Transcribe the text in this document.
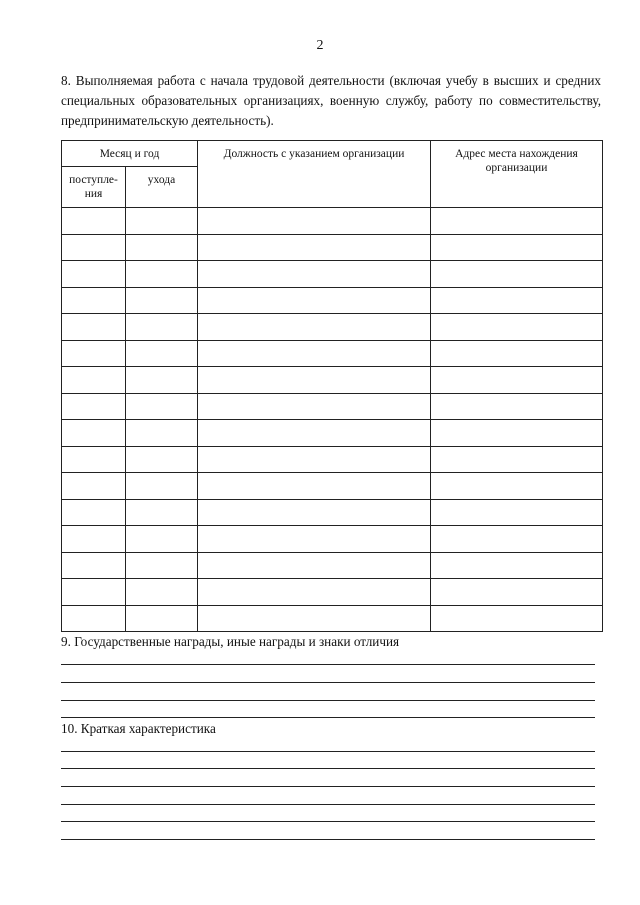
2
8. Выполняемая работа с начала трудовой деятельности (включая учебу в высших и средних специальных образовательных организациях, военную службу, работу по совместительству, предпринимательскую деятельность).
Месяц и год		Должность с указанием организации	Адрес места нахождения организации
поступле-ния	ухода		

9. Государственные награды, иные награды и знаки отличия
10. Краткая характеристика
